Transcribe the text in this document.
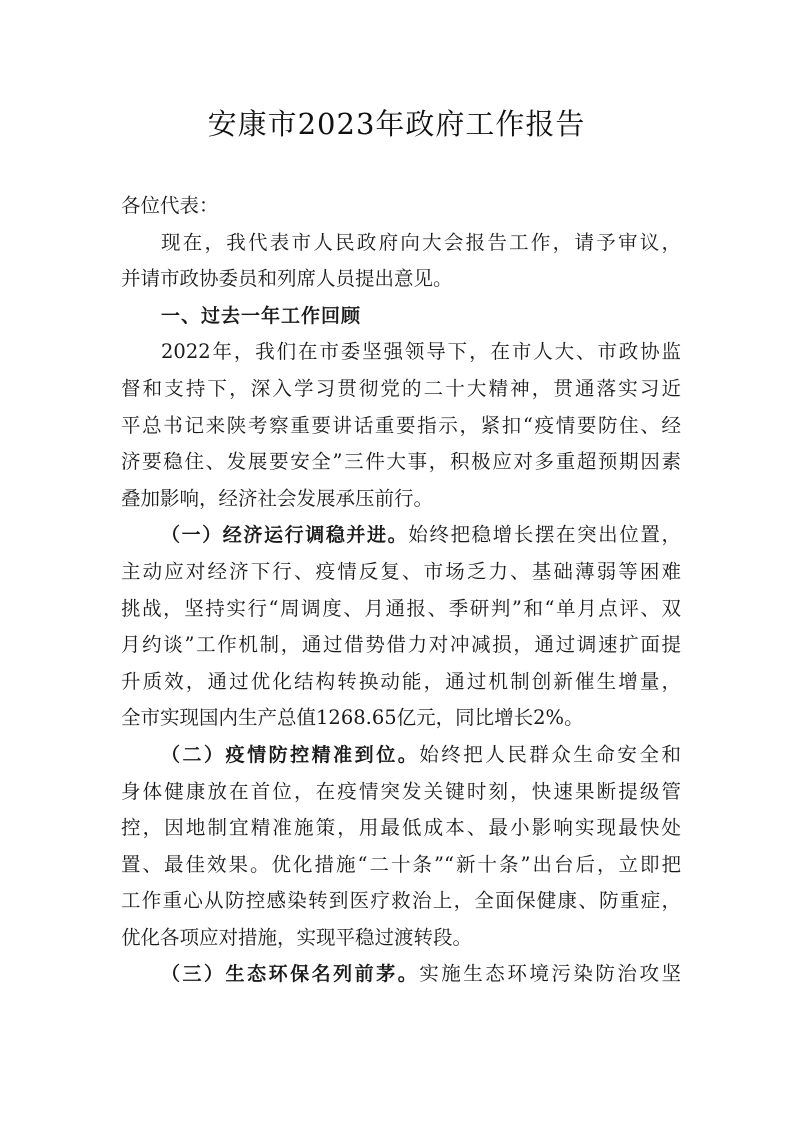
安康市2023年政府工作报告
各位代表：
现在，我代表市人民政府向大会报告工作，请予审议，
并请市政协委员和列席人员提出意见。
一、过去一年工作回顾
2022年，我们在市委坚强领导下，在市人大、市政协监
督和支持下，深入学习贯彻党的二十大精神，贯通落实习近
平总书记来陕考察重要讲话重要指示，紧扣“疫情要防住、经
济要稳住、发展要安全”三件大事，积极应对多重超预期因素
叠加影响，经济社会发展承压前行。
（一）经济运行调稳并进。始终把稳增长摆在突出位置，
主动应对经济下行、疫情反复、市场乏力、基础薄弱等困难
挑战，坚持实行“周调度、月通报、季研判”和“单月点评、双
月约谈”工作机制，通过借势借力对冲减损，通过调速扩面提
升质效，通过优化结构转换动能，通过机制创新催生增量，
全市实现国内生产总值1268.65亿元，同比增长2%。
（二）疫情防控精准到位。始终把人民群众生命安全和
身体健康放在首位，在疫情突发关键时刻，快速果断提级管
控，因地制宜精准施策，用最低成本、最小影响实现最快处
置、最佳效果。优化措施“二十条”“新十条”出台后，立即把
工作重心从防控感染转到医疗救治上，全面保健康、防重症，
优化各项应对措施，实现平稳过渡转段。
（三）生态环保名列前茅。实施生态环境污染防治攻坚
